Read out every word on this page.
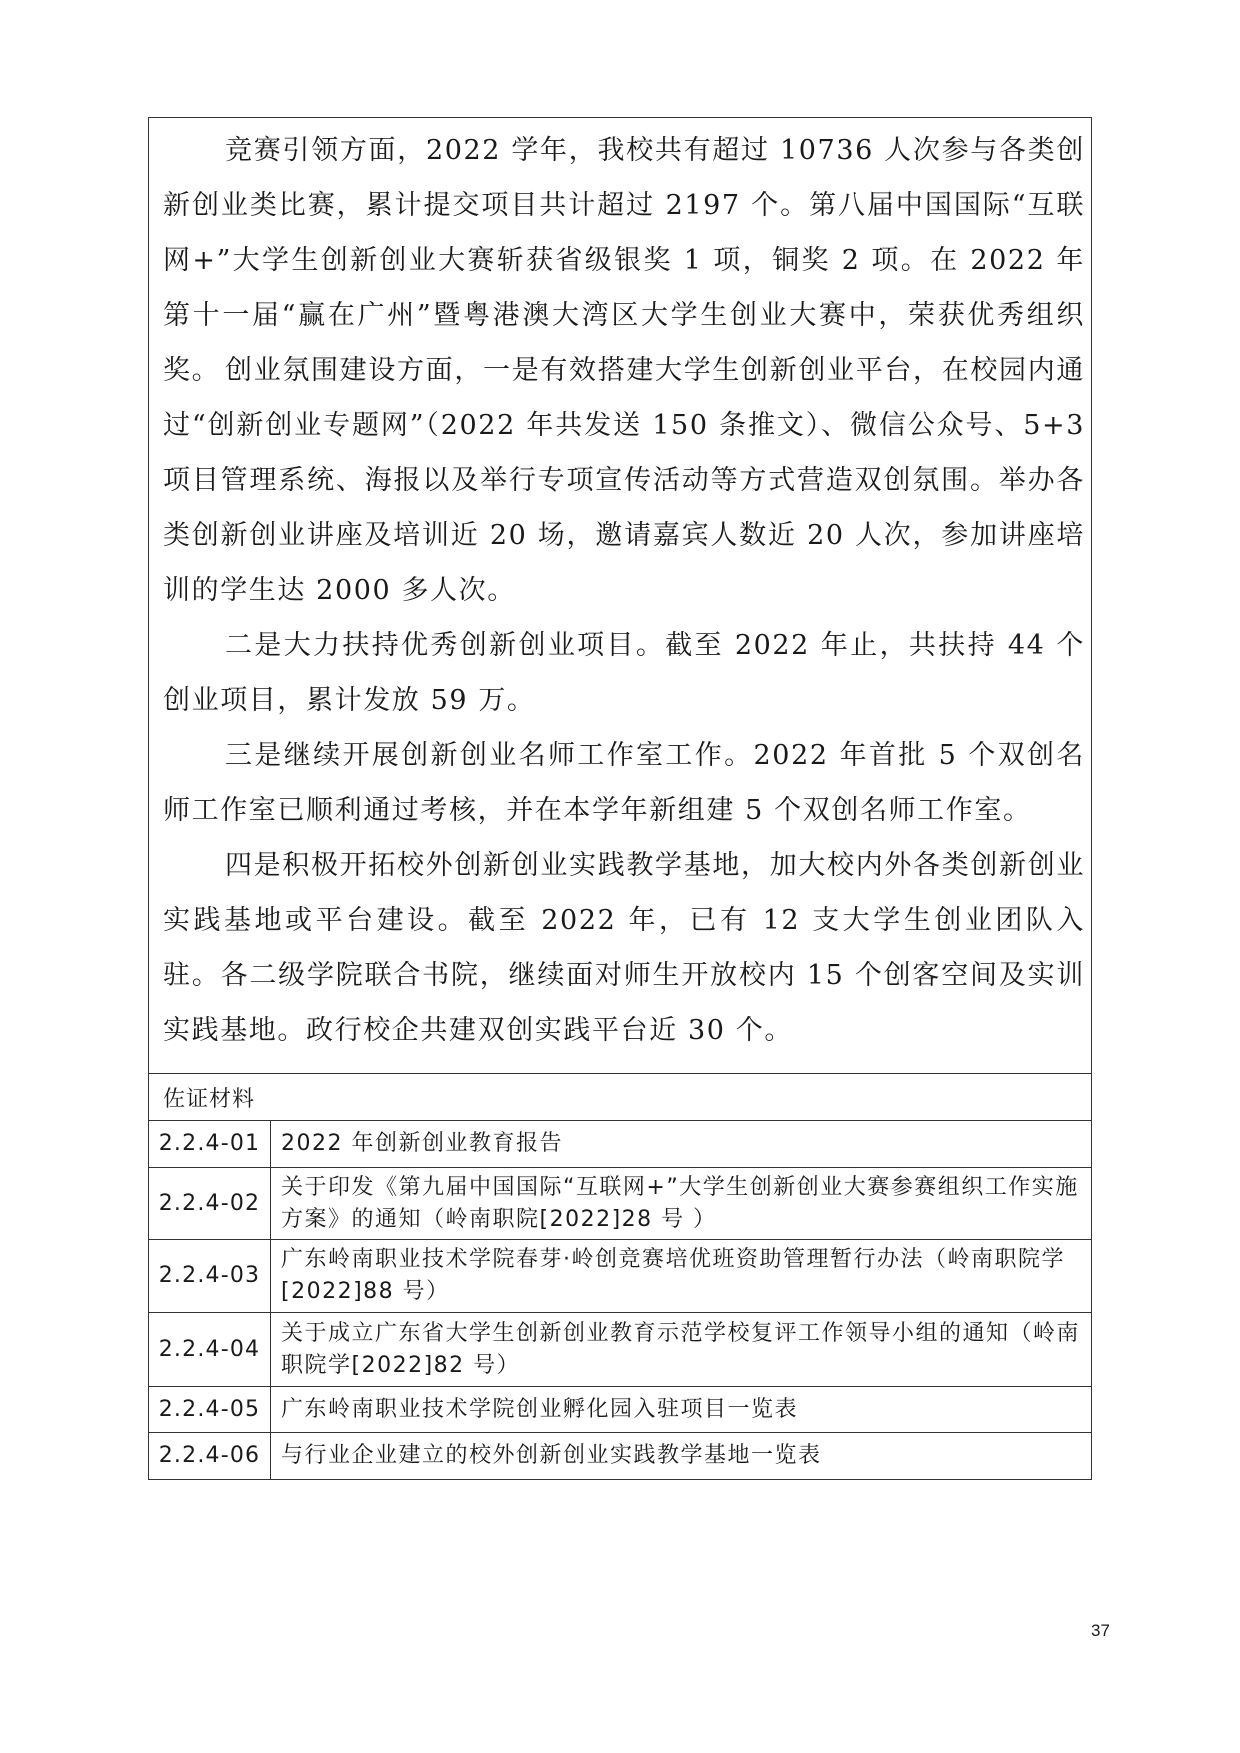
竞赛引领方面，2022 学年，我校共有超过 10736 人次参与各类创新创业类比赛，累计提交项目共计超过 2197 个。第八届中国国际“互联网+”大学生创新创业大赛斩获省级银奖 1 项，铜奖 2 项。在 2022 年第十一届“赢在广州”暨粤港澳大湾区大学生创业大赛中，荣获优秀组织奖。 创业氛围建设方面，一是有效搭建大学生创新创业平台，在校园内通过“创新创业专题网”（2022 年共发送 150 条推文）、微信公众号、5+3 项目管理系统、海报以及举行专项宣传活动等方式营造双创氛围。举办各类创新创业讲座及培训近 20 场，邀请嘉宾人数近 20 人次，参加讲座培训的学生达 2000 多人次。

二是大力扶持优秀创新创业项目。截至 2022 年止，共扶持 44 个创业项目，累计发放 59 万。

三是继续开展创新创业名师工作室工作。2022 年首批 5 个双创名师工作室已顺利通过考核，并在本学年新组建 5 个双创名师工作室。

四是积极开拓校外创新创业实践教学基地，加大校内外各类创新创业实践基地或平台建设。截至 2022 年，已有 12 支大学生创业团队入驻。各二级学院联合书院，继续面对师生开放校内 15 个创客空间及实训实践基地。政行校企共建双创实践平台近 30 个。

佐证材料
2.2.4-01	2022 年创新创业教育报告
2.2.4-02	关于印发《第九届中国国际“互联网+”大学生创新创业大赛参赛组织工作实施方案》的通知（岭南职院[2022]28 号 ）
2.2.4-03	广东岭南职业技术学院春芽·岭创竞赛培优班资助管理暂行办法（岭南职院学[2022]88 号）
2.2.4-04	关于成立广东省大学生创新创业教育示范学校复评工作领导小组的通知（岭南职院学[2022]82 号）
2.2.4-05	广东岭南职业技术学院创业孵化园入驻项目一览表
2.2.4-06	与行业企业建立的校外创新创业实践教学基地一览表
37
